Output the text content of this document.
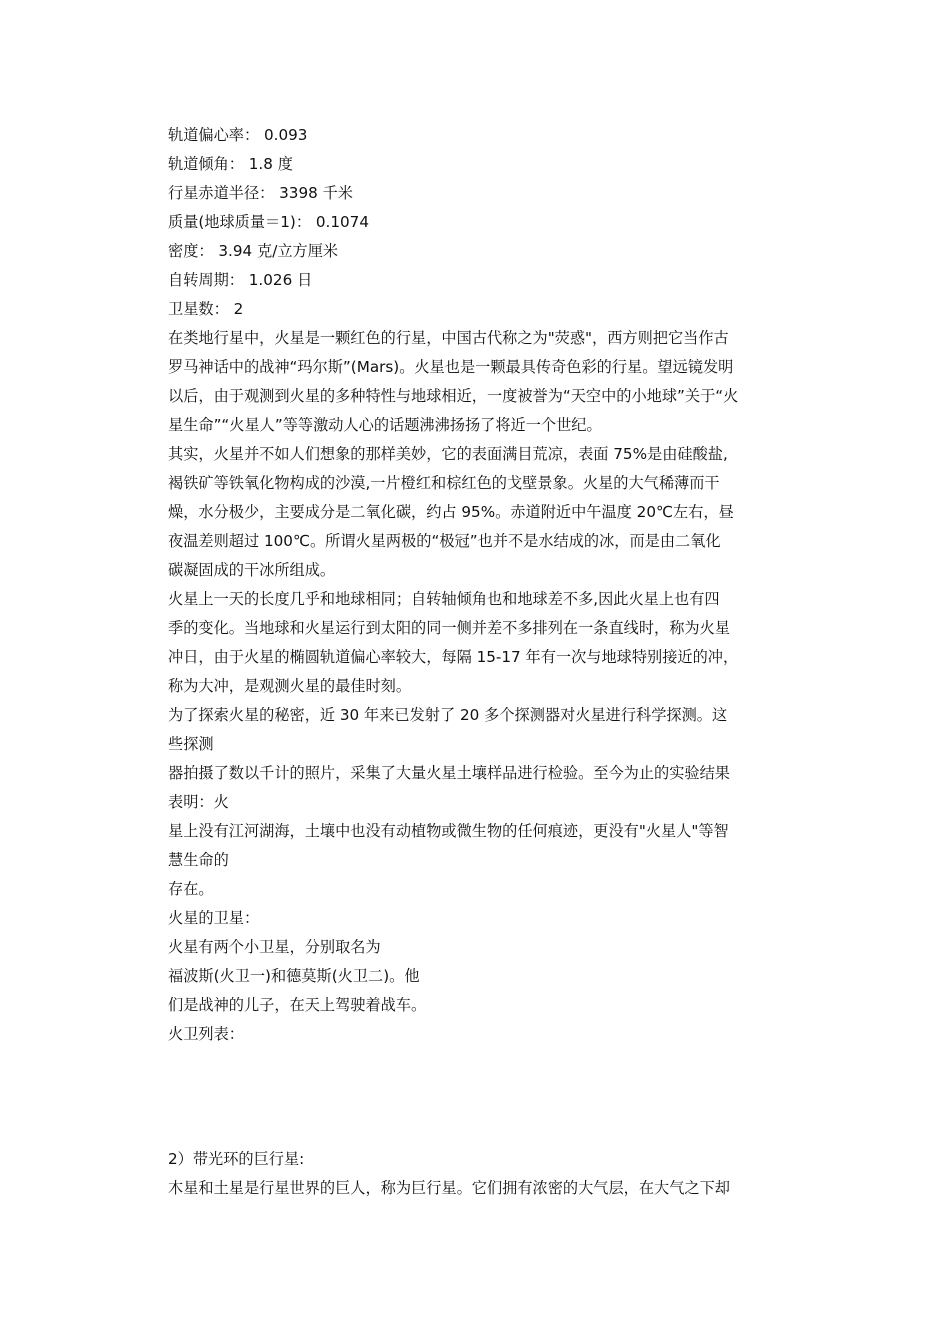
轨道偏心率： 0.093
轨道倾角： 1.8 度
行星赤道半径： 3398 千米
质量(地球质量＝1)： 0.1074
密度： 3.94 克/立方厘米
自转周期： 1.026 日
卫星数： 2
在类地行星中，火星是一颗红色的行星，中国古代称之为"荧惑"，西方则把它当作古
罗马神话中的战神“玛尔斯”(Mars)。火星也是一颗最具传奇色彩的行星。望远镜发明
以后，由于观测到火星的多种特性与地球相近，一度被誉为“天空中的小地球”关于“火
星生命”“火星人”等等激动人心的话题沸沸扬扬了将近一个世纪。
其实，火星并不如人们想象的那样美妙，它的表面满目荒凉，表面 75%是由硅酸盐,
褐铁矿等铁氧化物构成的沙漠,一片橙红和棕红色的戈壁景象。火星的大气稀薄而干
燥，水分极少，主要成分是二氧化碳，约占 95%。赤道附近中午温度 20℃左右，昼
夜温差则超过 100℃。所谓火星两极的“极冠”也并不是水结成的冰，而是由二氧化
碳凝固成的干冰所组成。
火星上一天的长度几乎和地球相同；自转轴倾角也和地球差不多,因此火星上也有四
季的变化。当地球和火星运行到太阳的同一侧并差不多排列在一条直线时，称为火星
冲日，由于火星的椭圆轨道偏心率较大，每隔 15-17 年有一次与地球特别接近的冲，
称为大冲，是观测火星的最佳时刻。
为了探索火星的秘密，近 30 年来已发射了 20 多个探测器对火星进行科学探测。这
些探测
器拍摄了数以千计的照片，采集了大量火星土壤样品进行检验。至今为止的实验结果
表明：火
星上没有江河湖海，土壤中也没有动植物或微生物的任何痕迹，更没有"火星人"等智
慧生命的
存在。
火星的卫星：
火星有两个小卫星，分别取名为
福波斯(火卫一)和德莫斯(火卫二)。他
们是战神的儿子，在天上驾驶着战车。
火卫列表：
2）带光环的巨行星:
木星和土星是行星世界的巨人，称为巨行星。它们拥有浓密的大气层，在大气之下却
